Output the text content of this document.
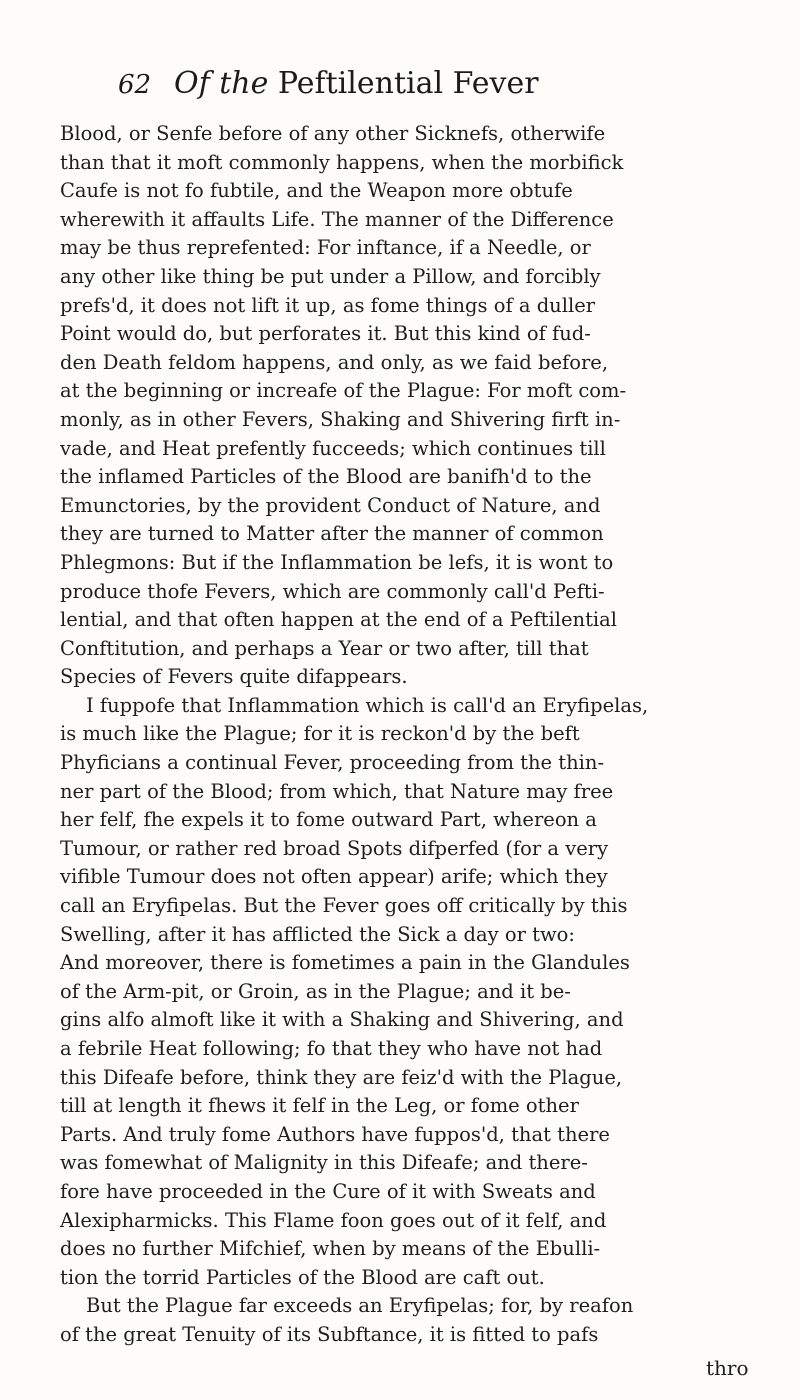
62 Of the Peftilential Fever
Blood, or Senfe before of any other Sicknefs, otherwife
than that it moft commonly happens, when the morbifick
Caufe is not fo fubtile, and the Weapon more obtufe
wherewith it affaults Life. The manner of the Difference
may be thus reprefented: For inftance, if a Needle, or
any other like thing be put under a Pillow, and forcibly
prefs'd, it does not lift it up, as fome things of a duller
Point would do, but perforates it. But this kind of fud-
den Death feldom happens, and only, as we faid before,
at the beginning or increafe of the Plague: For moft com-
monly, as in other Fevers, Shaking and Shivering firft in-
vade, and Heat prefently fucceeds; which continues till
the inflamed Particles of the Blood are banifh'd to the
Emunctories, by the provident Conduct of Nature, and
they are turned to Matter after the manner of common
Phlegmons: But if the Inflammation be lefs, it is wont to
produce thofe Fevers, which are commonly call'd Pefti-
lential, and that often happen at the end of a Peftilential
Conftitution, and perhaps a Year or two after, till that
Species of Fevers quite difappears.
I fuppofe that Inflammation which is call'd an Eryfipelas,
is much like the Plague; for it is reckon'd by the beft
Phyficians a continual Fever, proceeding from the thin-
ner part of the Blood; from which, that Nature may free
her felf, fhe expels it to fome outward Part, whereon a
Tumour, or rather red broad Spots difperfed (for a very
vifible Tumour does not often appear) arife; which they
call an Eryfipelas. But the Fever goes off critically by this
Swelling, after it has afflicted the Sick a day or two:
And moreover, there is fometimes a pain in the Glandules
of the Arm-pit, or Groin, as in the Plague; and it be-
gins alfo almoft like it with a Shaking and Shivering, and
a febrile Heat following; fo that they who have not had
this Difeafe before, think they are feiz'd with the Plague,
till at length it fhews it felf in the Leg, or fome other
Parts. And truly fome Authors have fuppos'd, that there
was fomewhat of Malignity in this Difeafe; and there-
fore have proceeded in the Cure of it with Sweats and
Alexipharmicks. This Flame foon goes out of it felf, and
does no further Mifchief, when by means of the Ebulli-
tion the torrid Particles of the Blood are caft out.
But the Plague far exceeds an Eryfipelas; for, by reafon
of the great Tenuity of its Subftance, it is fitted to pafs
thro
